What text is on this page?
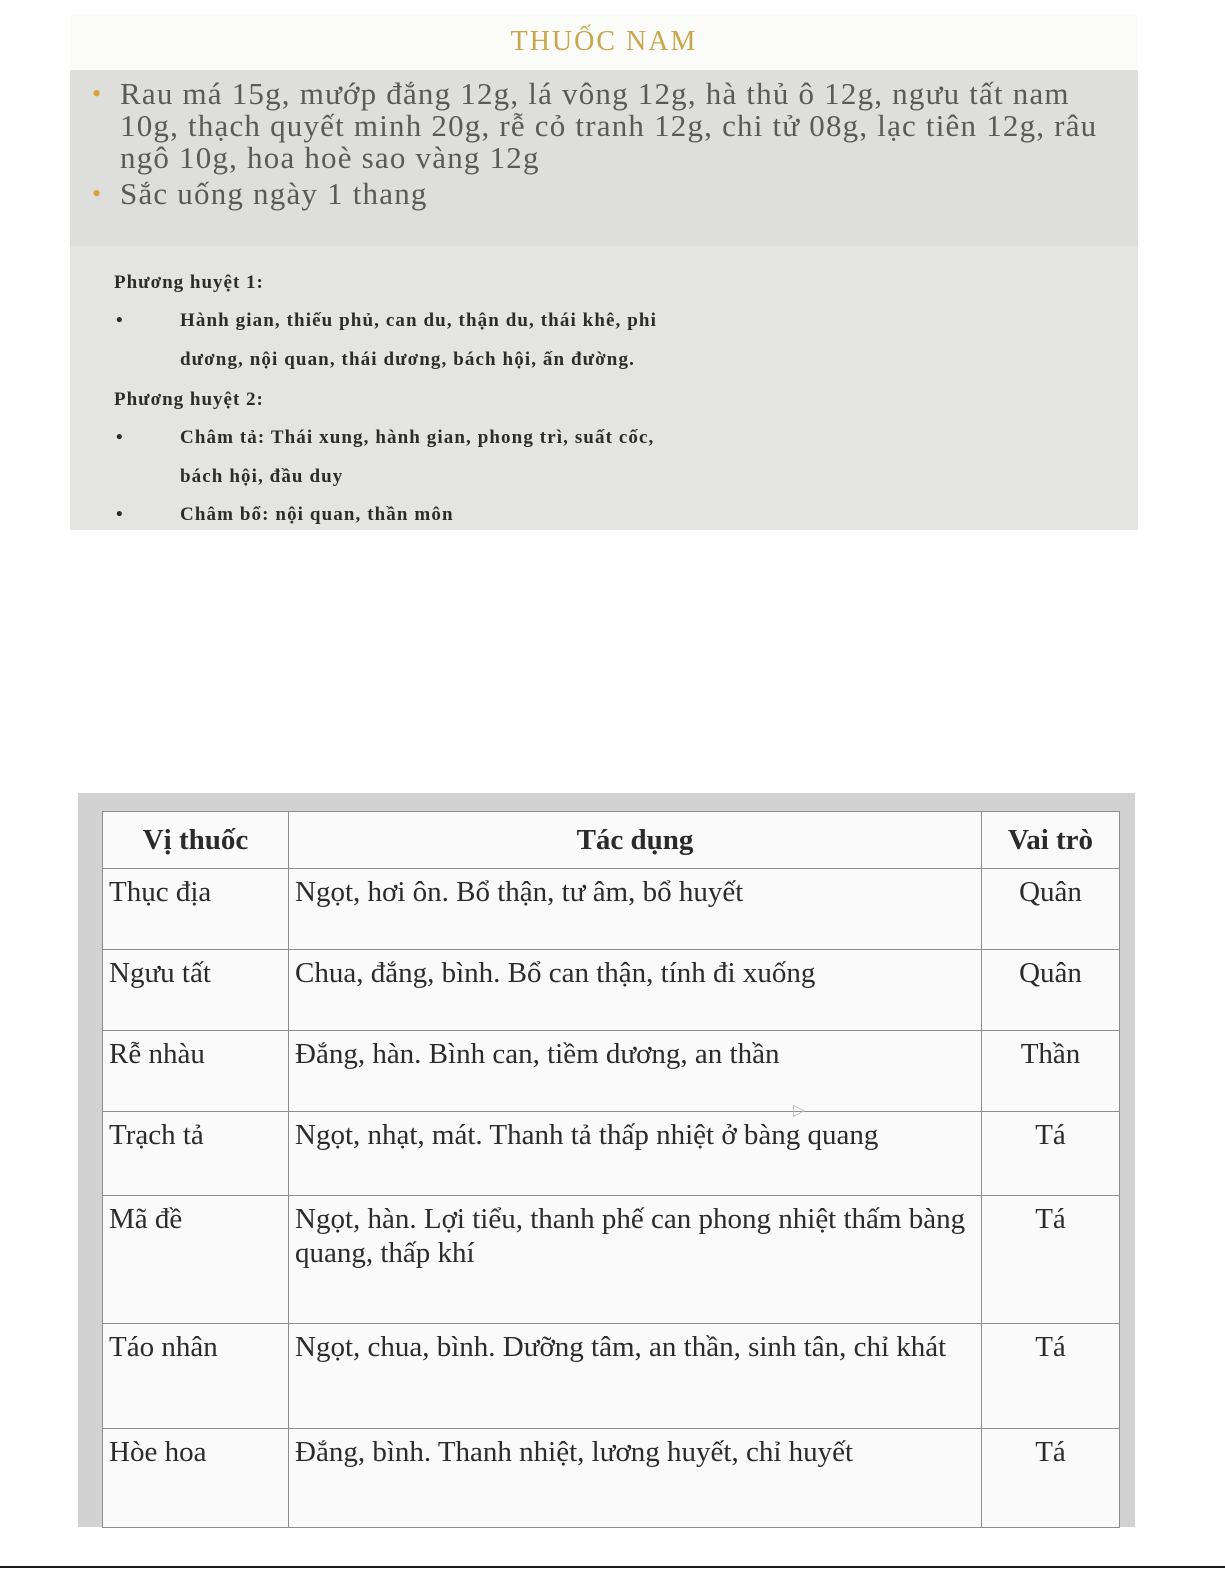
THUỐC NAM
• Rau má 15g, mướp đắng 12g, lá vông 12g, hà thủ ô 12g, ngưu tất nam 10g, thạch quyết minh 20g, rễ cỏ tranh 12g, chi tử 08g, lạc tiên 12g, râu ngô 10g, hoa hoè sao vàng 12g
• Sắc uống ngày 1 thang
Phương huyệt 1:
•	Hành gian, thiếu phủ, can du, thận du, thái khê, phi
dương, nội quan, thái dương, bách hội, ấn đường.
Phương huyệt 2:
•	Châm tả: Thái xung, hành gian, phong trì, suất cốc,
bách hội, đầu duy
•	Châm bổ: nội quan, thần môn
Vị thuốc	Tác dụng	Vai trò
Thục địa	Ngọt, hơi ôn. Bổ thận, tư âm, bổ huyết	Quân
Ngưu tất	Chua, đắng, bình. Bổ can thận, tính đi xuống	Quân
Rễ nhàu	Đắng, hàn. Bình can, tiềm dương, an thần	Thần
Trạch tả	Ngọt, nhạt, mát. Thanh tả thấp nhiệt ở bàng quang	Tá
Mã đề	Ngọt, hàn. Lợi tiểu, thanh phế can phong nhiệt thấm bàng quang, thấp khí	Tá
Táo nhân	Ngọt, chua, bình. Dưỡng tâm, an thần, sinh tân, chỉ khát	Tá
Hòe hoa	Đắng, bình. Thanh nhiệt, lương huyết, chỉ huyết	Tá
▷
